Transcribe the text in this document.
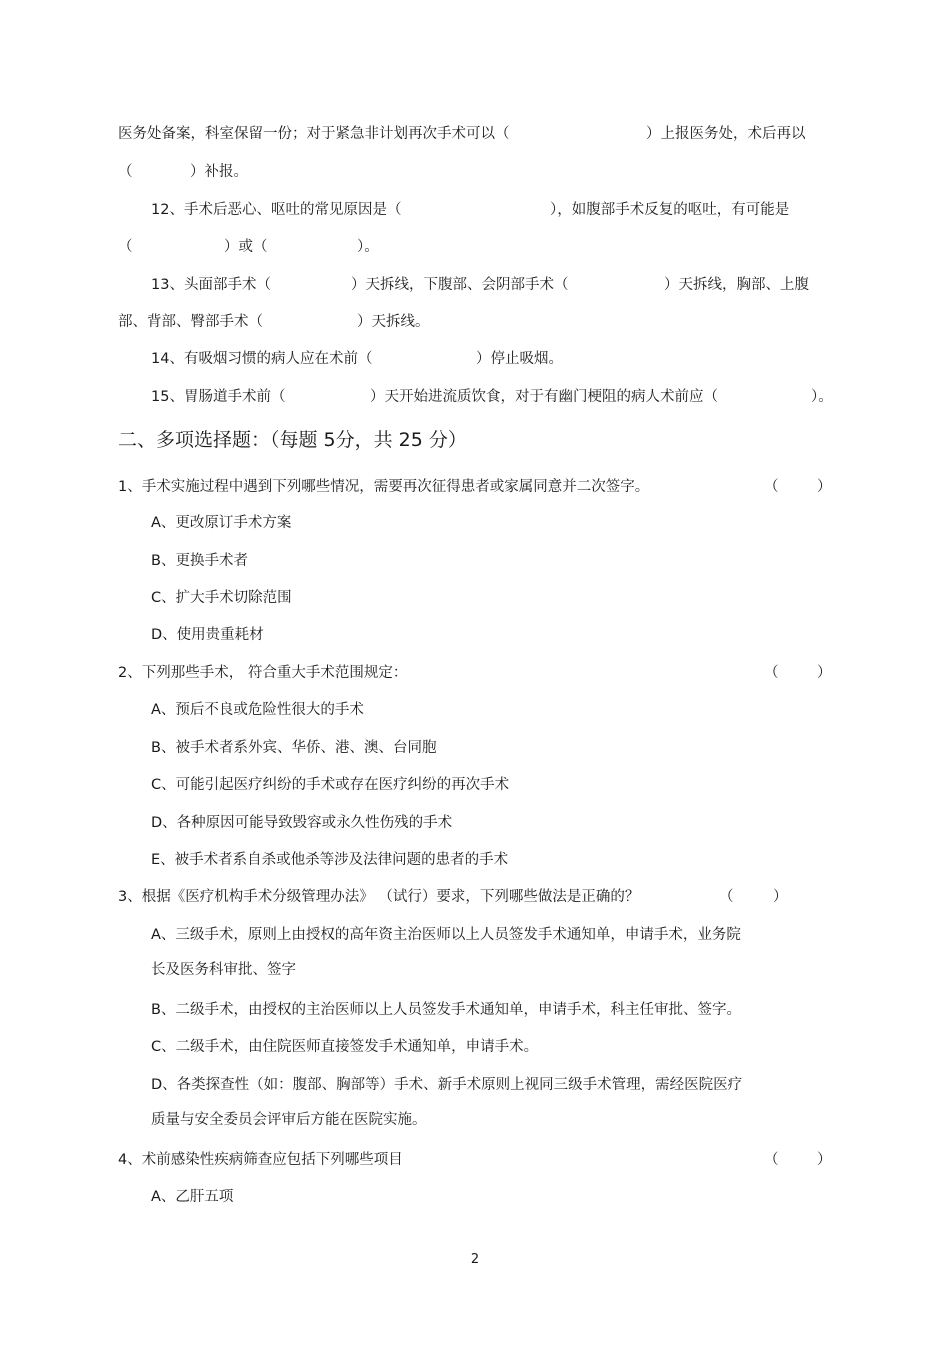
医务处备案，科室保留一份；对于紧急非计划再次手术可以（	）上报医务处，术后再以
（	）补报。
12、手术后恶心、呕吐的常见原因是（	），如腹部手术反复的呕吐，有可能是
（	）或（	）。
13、头面部手术（	）天拆线，下腹部、会阴部手术（	）天拆线，胸部、上腹
部、背部、臀部手术（	）天拆线。
14、有吸烟习惯的病人应在术前（	）停止吸烟。
15、胃肠道手术前（	）天开始进流质饮食，对于有幽门梗阻的病人术前应（	）。
二、多项选择题：（每题 5分，共 25 分）
1、手术实施过程中遇到下列哪些情况，需要再次征得患者或家属同意并二次签字。	（	）
A、更改原订手术方案
B、更换手术者
C、扩大手术切除范围
D、使用贵重耗材
2、下列那些手术， 符合重大手术范围规定：	（	）
A、预后不良或危险性很大的手术
B、被手术者系外宾、华侨、港、澳、台同胞
C、可能引起医疗纠纷的手术或存在医疗纠纷的再次手术
D、各种原因可能导致毁容或永久性伤残的手术
E、被手术者系自杀或他杀等涉及法律问题的患者的手术
3、根据《医疗机构手术分级管理办法》 （试行）要求，下列哪些做法是正确的？	（	）
A、三级手术，原则上由授权的高年资主治医师以上人员签发手术通知单，申请手术，业务院
长及医务科审批、签字
B、二级手术，由授权的主治医师以上人员签发手术通知单，申请手术，科主任审批、签字。
C、二级手术，由住院医师直接签发手术通知单，申请手术。
D、各类探查性（如：腹部、胸部等）手术、新手术原则上视同三级手术管理，需经医院医疗
质量与安全委员会评审后方能在医院实施。
4、术前感染性疾病筛查应包括下列哪些项目	（	）
A、乙肝五项
2
